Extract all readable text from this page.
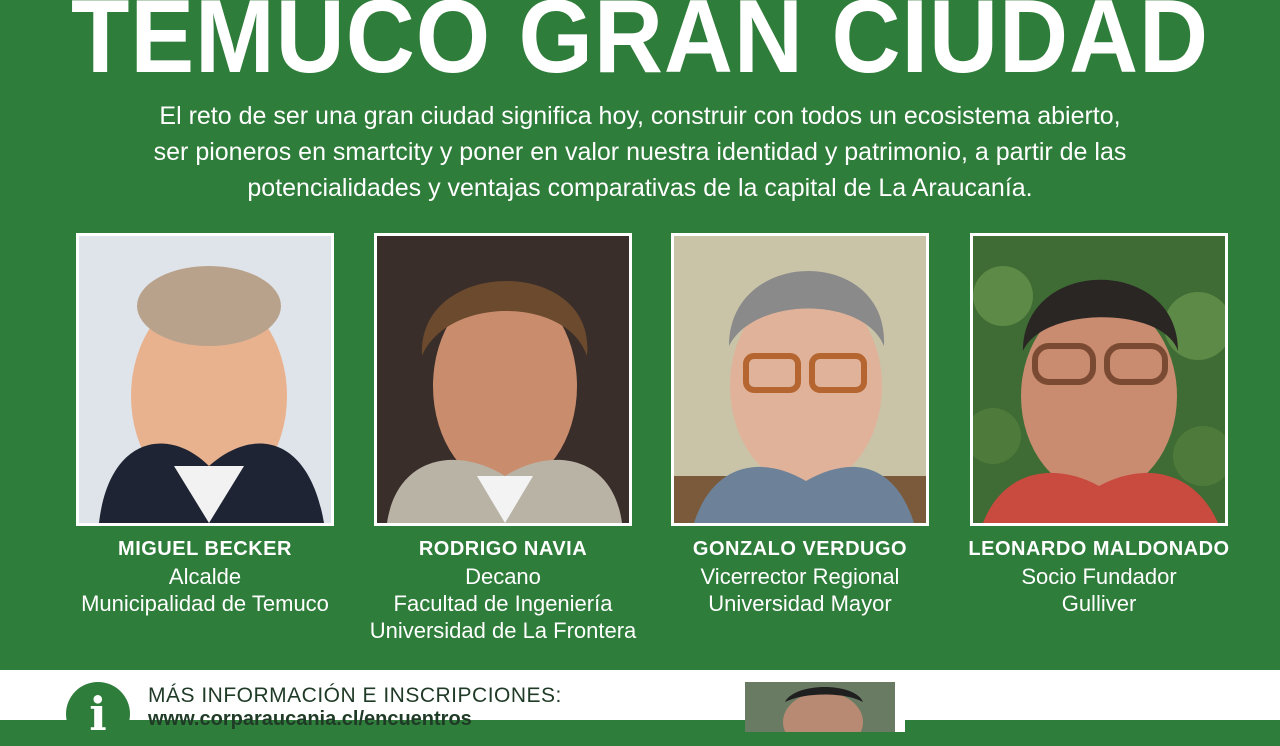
TEMUCO GRAN CIUDAD
El reto de ser una gran ciudad significa hoy, construir con todos un ecosistema abierto,
ser pioneros en smartcity y poner en valor nuestra identidad y patrimonio, a partir de las
potencialidades y ventajas comparativas de la capital de La Araucanía.
MIGUEL BECKER
Alcalde
Municipalidad de Temuco
RODRIGO NAVIA
Decano
Facultad de Ingeniería
Universidad de La Frontera
GONZALO VERDUGO
Vicerrector Regional
Universidad Mayor
LEONARDO MALDONADO
Socio Fundador
Gulliver
i	MÁS INFORMACIÓN E INSCRIPCIONES:
www.corparaucania.cl/encuentros
